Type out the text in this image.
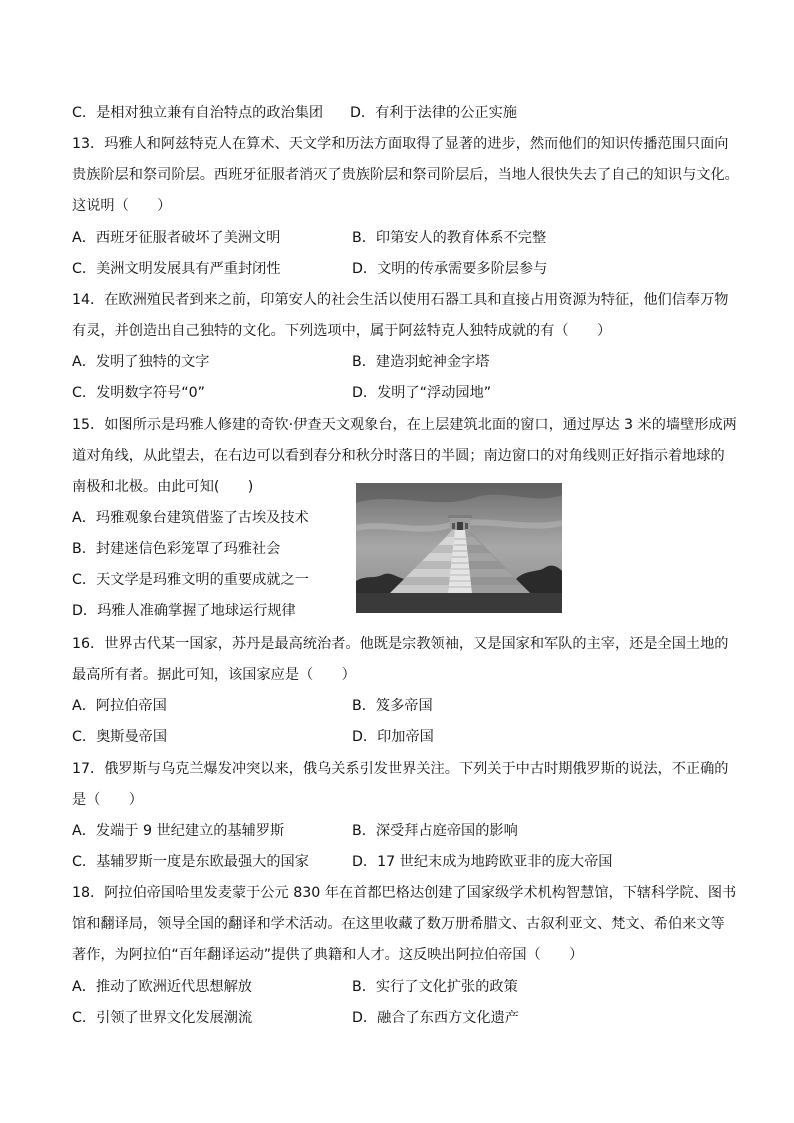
C．是相对独立兼有自治特点的政治集团 D．有利于法律的公正实施
13．玛雅人和阿兹特克人在算术、天文学和历法方面取得了显著的进步，然而他们的知识传播范围只面向
贵族阶层和祭司阶层。西班牙征服者消灭了贵族阶层和祭司阶层后，当地人很快失去了自己的知识与文化。
这说明（　　）
A．西班牙征服者破坏了美洲文明	B．印第安人的教育体系不完整
C．美洲文明发展具有严重封闭性	D．文明的传承需要多阶层参与
14．在欧洲殖民者到来之前，印第安人的社会生活以使用石器工具和直接占用资源为特征，他们信奉万物
有灵，并创造出自己独特的文化。下列选项中，属于阿兹特克人独特成就的有（　　）
A．发明了独特的文字	B．建造羽蛇神金字塔
C．发明数字符号“0”	D．发明了“浮动园地”
15．如图所示是玛雅人修建的奇钦·伊查天文观象台，在上层建筑北面的窗口，通过厚达 3 米的墙壁形成两
道对角线，从此望去，在右边可以看到春分和秋分时落日的半圆；南边窗口的对角线则正好指示着地球的
南极和北极。由此可知(　　)
A．玛雅观象台建筑借鉴了古埃及技术
B．封建迷信色彩笼罩了玛雅社会
C．天文学是玛雅文明的重要成就之一
D．玛雅人准确掌握了地球运行规律
16．世界古代某一国家，苏丹是最高统治者。他既是宗教领袖，又是国家和军队的主宰，还是全国土地的
最高所有者。据此可知，该国家应是（　　）
A．阿拉伯帝国	B．笈多帝国
C．奥斯曼帝国	D．印加帝国
17．俄罗斯与乌克兰爆发冲突以来，俄乌关系引发世界关注。下列关于中古时期俄罗斯的说法，不正确的
是（　　）
A．发端于 9 世纪建立的基辅罗斯	B．深受拜占庭帝国的影响
C．基辅罗斯一度是东欧最强大的国家	D．17 世纪末成为地跨欧亚非的庞大帝国
18．阿拉伯帝国哈里发麦蒙于公元 830 年在首都巴格达创建了国家级学术机构智慧馆，下辖科学院、图书
馆和翻译局，领导全国的翻译和学术活动。在这里收藏了数万册希腊文、古叙利亚文、梵文、希伯来文等
著作，为阿拉伯“百年翻译运动”提供了典籍和人才。这反映出阿拉伯帝国（　　）
A．推动了欧洲近代思想解放	B．实行了文化扩张的政策
C．引领了世界文化发展潮流	D．融合了东西方文化遗产
